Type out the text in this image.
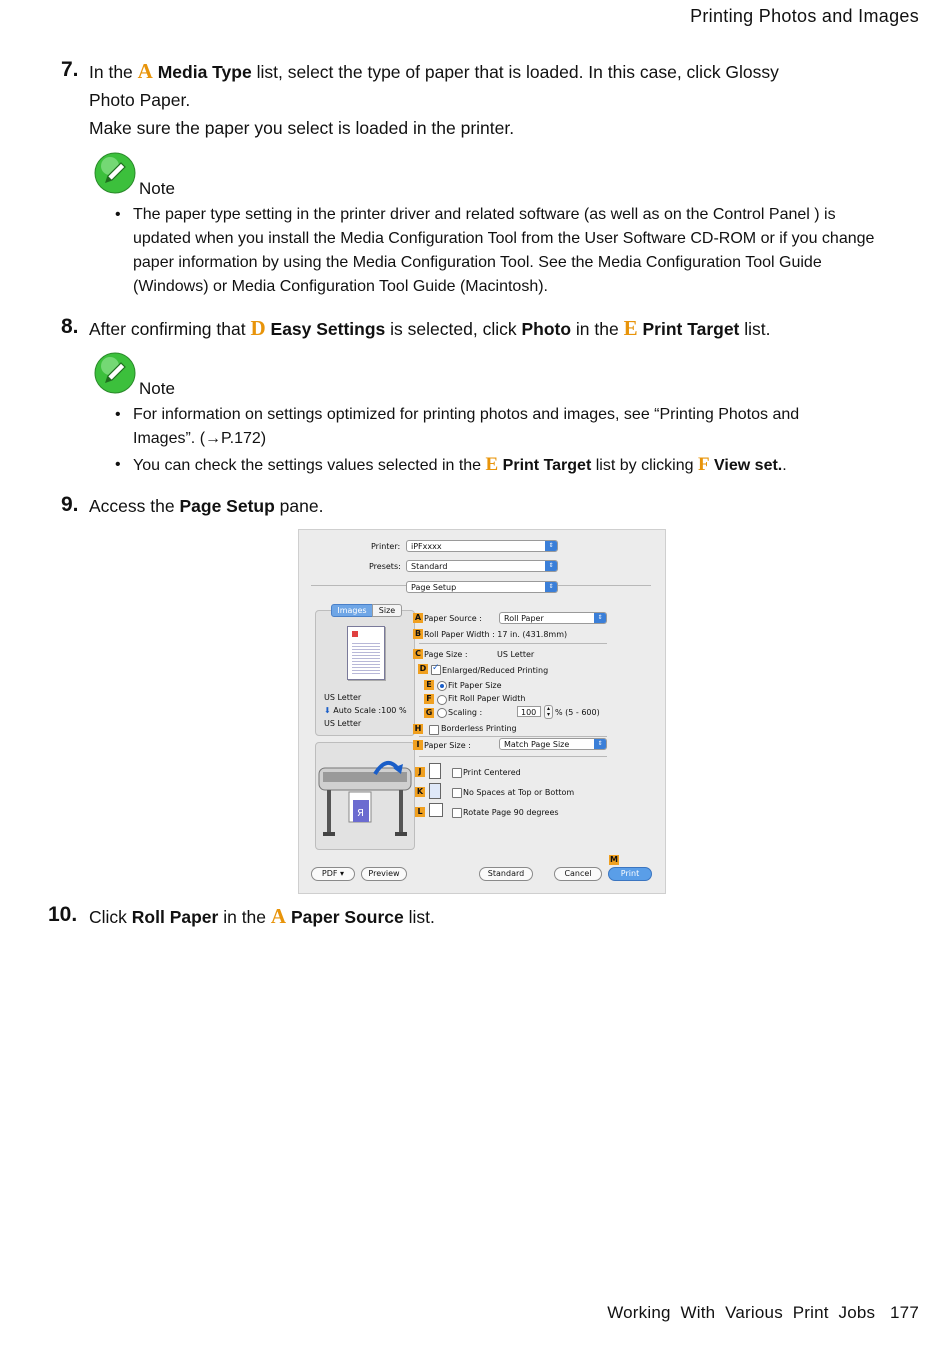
Printing Photos and Images
7. In the A Media Type list, select the type of paper that is loaded. In this case, click Glossy
Photo Paper.
Make sure the paper you select is loaded in the printer.
Note
• The paper type setting in the printer driver and related software (as well as on the Control Panel ) is updated when you install the Media Configuration Tool from the User Software CD-ROM or if you change paper information by using the Media Configuration Tool. See the Media Configuration Tool Guide (Windows) or Media Configuration Tool Guide (Macintosh).
8. After confirming that D Easy Settings is selected, click Photo in the E Print Target list.
Note
• For information on settings optimized for printing photos and images, see “Printing Photos and Images”. (→P.172)
• You can check the settings values selected in the E Print Target list by clicking F View set..
9. Access the Page Setup pane.
Printer:	iPFxxxx	⇕
Presets:	Standard	⇕
Page Setup	⇕
Images	Size
US Letter
⬇ Auto Scale :100 %
US Letter
Я
A Paper Source :	Roll Paper	⇕
B Roll Paper Width : 17 in. (431.8mm)
C Page Size :	US Letter
D
✓ Enlarged/Reduced Printing
E Fit Paper Size
F Fit Roll Paper Width
G Scaling :	100	▴
▾ % (5 - 600)
H Borderless Printing
I Paper Size :	Match Page Size	⇕
J	Print Centered
K	No Spaces at Top or Bottom
L	Rotate Page 90 degrees
PDF ▾	Preview	Standard	Cancel
M
Print
10. Click Roll Paper in the A Paper Source list.
Working  With  Various  Print  Jobs   177
